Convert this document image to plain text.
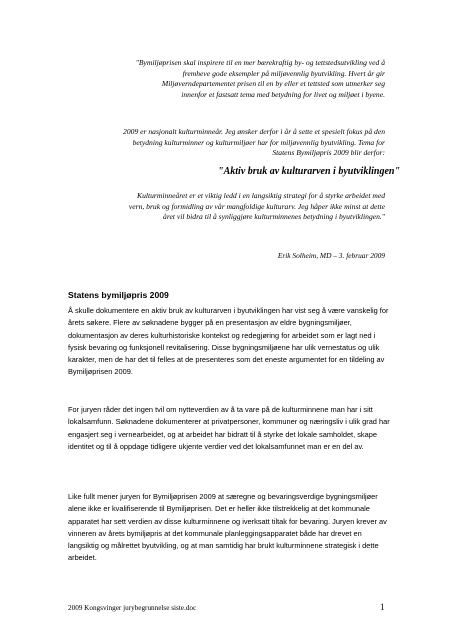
"Bymiljøprisen skal inspirere til en mer bærekraftig by- og tettstedsutvikling ved å fremheve gode eksempler på miljøvennlig byutvikling. Hvert år gir Miljøverndepartementet prisen til en by eller et tettsted som utmerker seg innenfor et fastsatt tema med betydning for livet og miljøet i byene.

2009 er nasjonalt kulturminneår. Jeg ønsker derfor i år å sette et spesielt fokus på den betydning kulturminner og kulturmiljøer har for miljøvennlig byutvikling. Tema for Statens Bymiljøpris 2009 blir derfor:

"Aktiv bruk av kulturarven i byutviklingen"

Kulturminneåret er et viktig ledd i en langsiktig strategi for å styrke arbeidet med vern, bruk og formidling av vår mangfoldige kulturarv. Jeg håper ikke minst at dette året vil bidra til å synliggjøre kulturminnenes betydning i byutviklingen."

Erik Solheim, MD – 3. februar 2009

Statens bymiljøpris 2009

Å skulle dokumentere en aktiv bruk av kulturarven i byutviklingen har vist seg å være vanskelig for årets søkere. Flere av søknadene bygger på en presentasjon av eldre bygningsmiljøer, dokumentasjon av deres kulturhistoriske kontekst og redegjøring for arbeidet som er lagt ned i fysisk bevaring og funksjonell revitalisering. Disse bygningsmiljøene har ulik vernestatus og ulik karakter, men de har det til felles at de presenteres som det eneste argumentet for en tildeling av Bymiljøprisen 2009.

For juryen råder det ingen tvil om nytteverdien av å ta vare på de kulturminnene man har i sitt lokalsamfunn. Søknadene dokumenterer at privatpersoner, kommuner og næringsliv i ulik grad har engasjert seg i vernearbeidet, og at arbeidet har bidratt til å styrke det lokale samholdet, skape identitet og til å oppdage tidligere ukjente verdier ved det lokalsamfunnet man er en del av.

Like fullt mener juryen for Bymiljøprisen 2009 at særegne og bevaringsverdige bygningsmiljøer alene ikke er kvalifiserende til Bymiljøprisen. Det er heller ikke tilstrekkelig at det kommunale apparatet har sett verdien av disse kulturminnene og iverksatt tiltak for bevaring. Juryen krever av vinneren av årets bymiljøpris at det kommunale planleggingsapparatet både har drevet en langsiktig og målrettet byutvikling, og at man samtidig har brukt kulturminnene strategisk i dette arbeidet.

2009 Kongsvinger jurybegrunnelse siste.doc	1
